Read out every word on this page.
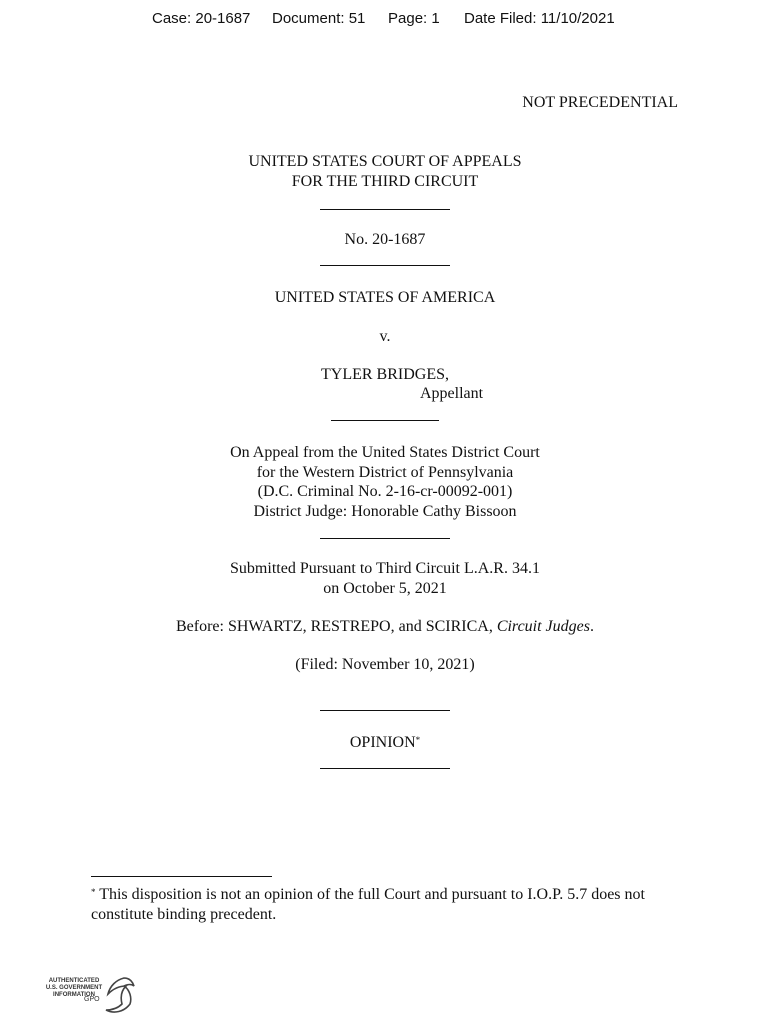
Case: 20-1687 Document: 51 Page: 1 Date Filed: 11/10/2021
NOT PRECEDENTIAL
UNITED STATES COURT OF APPEALS
FOR THE THIRD CIRCUIT
No. 20-1687
UNITED STATES OF AMERICA
v.
TYLER BRIDGES,
Appellant
On Appeal from the United States District Court
for the Western District of Pennsylvania
(D.C. Criminal No. 2-16-cr-00092-001)
District Judge: Honorable Cathy Bissoon
Submitted Pursuant to Third Circuit L.A.R. 34.1
on October 5, 2021
Before: SHWARTZ, RESTREPO, and SCIRICA, Circuit Judges.
(Filed: November 10, 2021)
OPINION*
* This disposition is not an opinion of the full Court and pursuant to I.O.P. 5.7 does not constitute binding precedent.
AUTHENTICATED
U.S. GOVERNMENT
INFORMATION
GPO
